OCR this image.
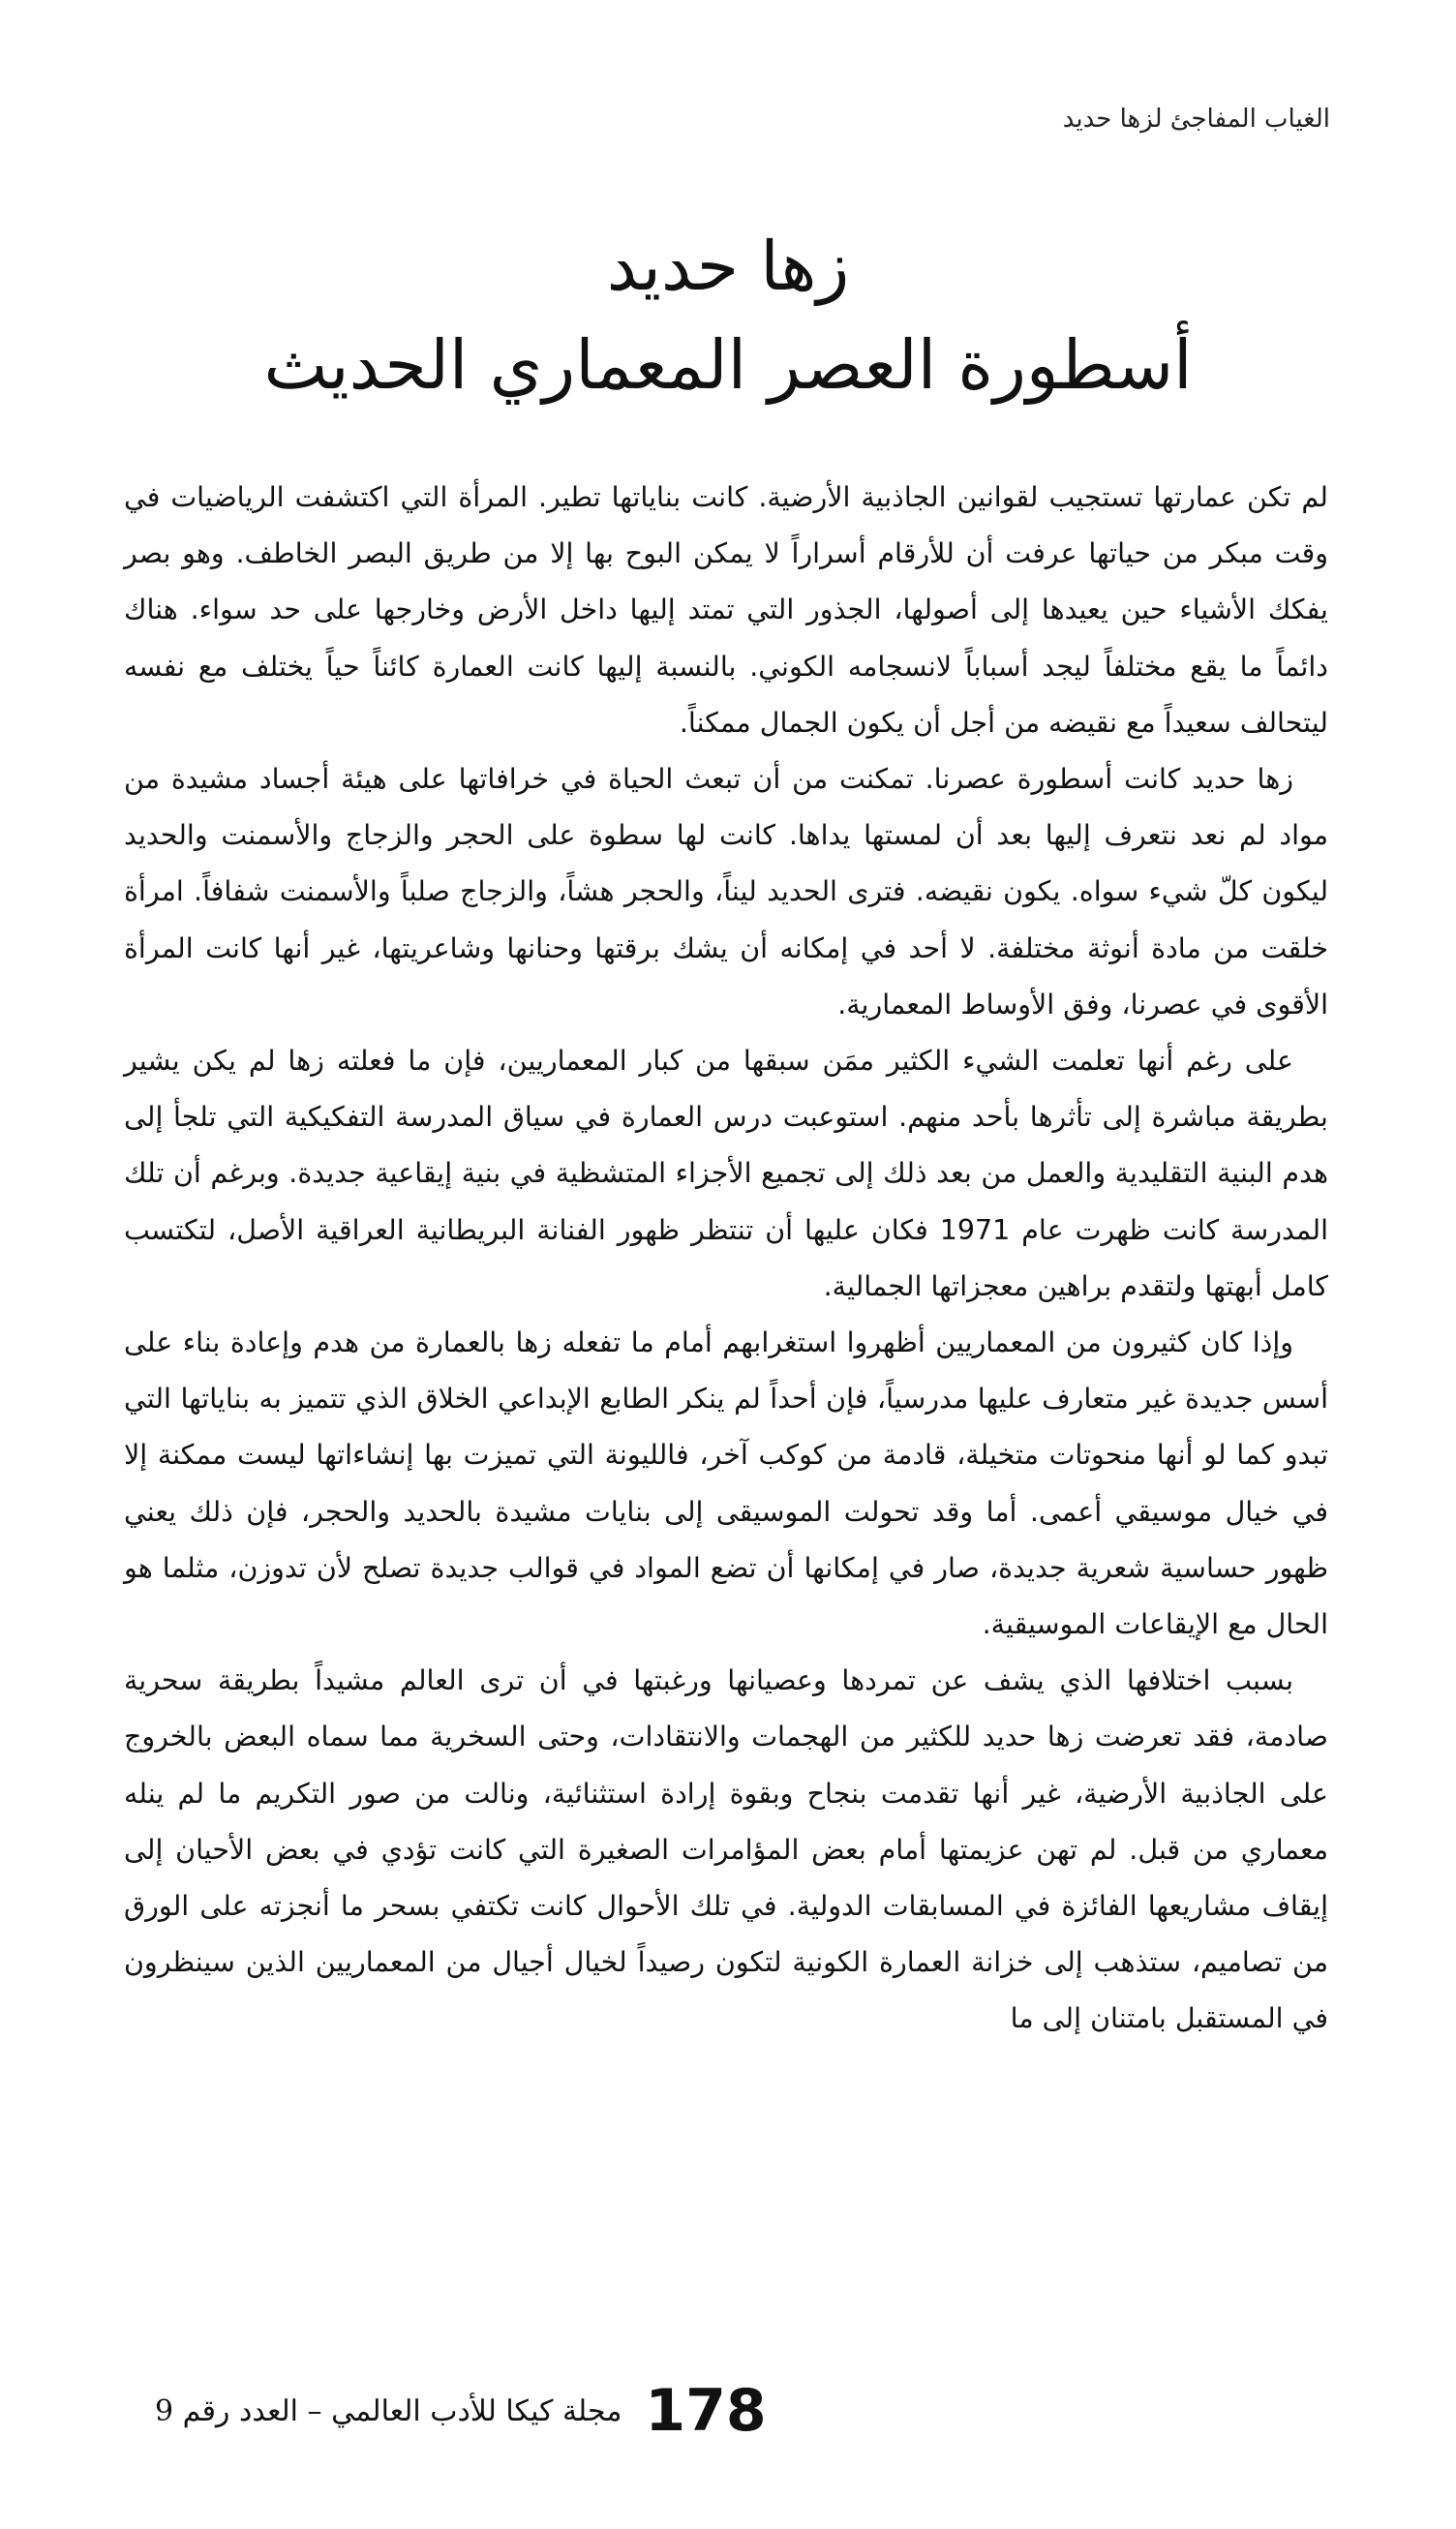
الغياب المفاجئ لزها حديد
زها حديد
أسطورة العصر المعماري الحديث

لم تكن عمارتها تستجيب لقوانين الجاذبية الأرضية. كانت بناياتها تطير. المرأة التي اكتشفت الرياضيات في وقت مبكر من حياتها عرفت أن للأرقام أسراراً لا يمكن البوح بها إلا من طريق البصر الخاطف. وهو بصر يفكك الأشياء حين يعيدها إلى أصولها، الجذور التي تمتد إليها داخل الأرض وخارجها على حد سواء. هناك دائماً ما يقع مختلفاً ليجد أسباباً لانسجامه الكوني. بالنسبة إليها كانت العمارة كائناً حياً يختلف مع نفسه ليتحالف سعيداً مع نقيضه من أجل أن يكون الجمال ممكناً.

زها حديد كانت أسطورة عصرنا. تمكنت من أن تبعث الحياة في خرافاتها على هيئة أجساد مشيدة من مواد لم نعد نتعرف إليها بعد أن لمستها يداها. كانت لها سطوة على الحجر والزجاج والأسمنت والحديد ليكون كلّ شيء سواه. يكون نقيضه. فترى الحديد ليناً، والحجر هشاً، والزجاج صلباً والأسمنت شفافاً. امرأة خلقت من مادة أنوثة مختلفة. لا أحد في إمكانه أن يشك برقتها وحنانها وشاعريتها، غير أنها كانت المرأة الأقوى في عصرنا، وفق الأوساط المعمارية.

على رغم أنها تعلمت الشيء الكثير ممَن سبقها من كبار المعماريين، فإن ما فعلته زها لم يكن يشير بطريقة مباشرة إلى تأثرها بأحد منهم. استوعبت درس العمارة في سياق المدرسة التفكيكية التي تلجأ إلى هدم البنية التقليدية والعمل من بعد ذلك إلى تجميع الأجزاء المتشظية في بنية إيقاعية جديدة. وبرغم أن تلك المدرسة كانت ظهرت عام 1971 فكان عليها أن تنتظر ظهور الفنانة البريطانية العراقية الأصل، لتكتسب كامل أبهتها ولتقدم براهين معجزاتها الجمالية.

وإذا كان كثيرون من المعماريين أظهروا استغرابهم أمام ما تفعله زها بالعمارة من هدم وإعادة بناء على أسس جديدة غير متعارف عليها مدرسياً، فإن أحداً لم ينكر الطابع الإبداعي الخلاق الذي تتميز به بناياتها التي تبدو كما لو أنها منحوتات متخيلة، قادمة من كوكب آخر، فالليونة التي تميزت بها إنشاءاتها ليست ممكنة إلا في خيال موسيقي أعمى. أما وقد تحولت الموسيقى إلى بنايات مشيدة بالحديد والحجر، فإن ذلك يعني ظهور حساسية شعرية جديدة، صار في إمكانها أن تضع المواد في قوالب جديدة تصلح لأن تدوزن، مثلما هو الحال مع الإيقاعات الموسيقية.

بسبب اختلافها الذي يشف عن تمردها وعصيانها ورغبتها في أن ترى العالم مشيداً بطريقة سحرية صادمة، فقد تعرضت زها حديد للكثير من الهجمات والانتقادات، وحتى السخرية مما سماه البعض بالخروج على الجاذبية الأرضية، غير أنها تقدمت بنجاح وبقوة إرادة استثنائية، ونالت من صور التكريم ما لم ينله معماري من قبل. لم تهن عزيمتها أمام بعض المؤامرات الصغيرة التي كانت تؤدي في بعض الأحيان إلى إيقاف مشاريعها الفائزة في المسابقات الدولية. في تلك الأحوال كانت تكتفي بسحر ما أنجزته على الورق من تصاميم، ستذهب إلى خزانة العمارة الكونية لتكون رصيداً لخيال أجيال من المعماريين الذين سينظرون في المستقبل بامتنان إلى ما

178
مجلة كيكا للأدب العالمي – العدد رقم 9
